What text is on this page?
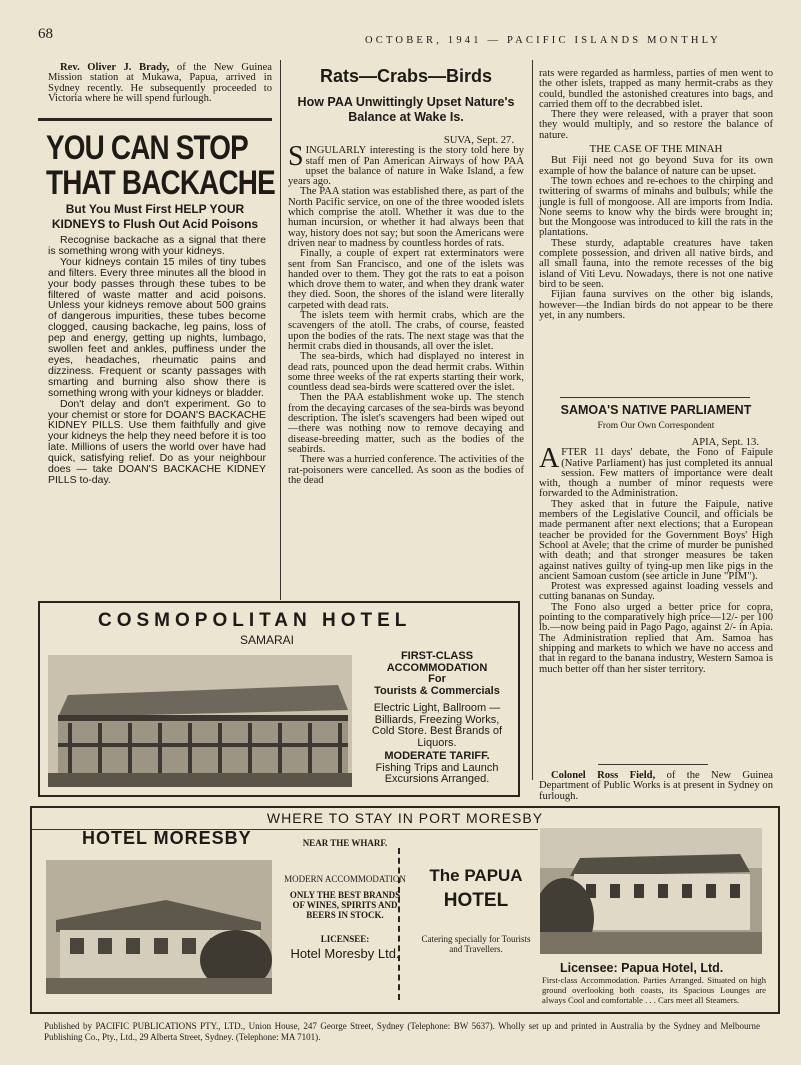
68	OCTOBER, 1941 — PACIFIC ISLANDS MONTHLY

Rev. Oliver J. Brady, of the New Guinea Mission station at Mukawa, Papua, arrived in Sydney recently. He subsequently proceeded to Victoria where he will spend furlough.

YOU CAN STOP
THAT BACKACHE
But You Must First HELP YOUR KIDNEYS to Flush Out Acid Poisons

Recognise backache as a signal that there is something wrong with your kidneys.

Your kidneys contain 15 miles of tiny tubes and filters. Every three minutes all the blood in your body passes through these tubes to be filtered of waste matter and acid poisons. Unless your kidneys remove about 500 grains of dangerous impurities, these tubes become clogged, causing backache, leg pains, loss of pep and energy, getting up nights, lumbago, swollen feet and ankles, puffiness under the eyes, headaches, rheumatic pains and dizziness. Frequent or scanty passages with smarting and burning also show there is something wrong with your kidneys or bladder.

Don't delay and don't experiment. Go to your chemist or store for DOAN'S BACKACHE KIDNEY PILLS. Use them faithfully and give your kidneys the help they need before it is too late. Millions of users the world over have had quick, satisfying relief. Do as your neighbour does — take DOAN'S BACKACHE KIDNEY PILLS to-day.

Rats—Crabs—Birds
How PAA Unwittingly Upset Nature's Balance at Wake Is.
SUVA, Sept. 27.

SINGULARLY interesting is the story told here by staff men of Pan American Airways of how PAA upset the balance of nature in Wake Island, a few years ago.

The PAA station was established there, as part of the North Pacific service, on one of the three wooded islets which comprise the atoll. Whether it was due to the human incursion, or whether it had always been that way, history does not say; but soon the Americans were driven near to madness by countless hordes of rats.

Finally, a couple of expert rat exterminators were sent from San Francisco, and one of the islets was handed over to them. They got the rats to eat a poison which drove them to water, and when they drank water they died. Soon, the shores of the island were literally carpeted with dead rats.

The islets teem with hermit crabs, which are the scavengers of the atoll. The crabs, of course, feasted upon the bodies of the rats. The next stage was that the hermit crabs died in thousands, all over the islet.

The sea-birds, which had displayed no interest in dead rats, pounced upon the dead hermit crabs. Within some three weeks of the rat experts starting their work, countless dead sea-birds were scattered over the islet.

Then the PAA establishment woke up. The stench from the decaying carcases of the sea-birds was beyond description. The islet's scavengers had been wiped out—there was nothing now to remove decaying and disease-breeding matter, such as the bodies of the seabirds.

There was a hurried conference. The activities of the rat-poisoners were cancelled. As soon as the bodies of the dead

rats were regarded as harmless, parties of men went to the other islets, trapped as many hermit-crabs as they could, bundled the astonished creatures into bags, and carried them off to the decrabbed islet.

There they were released, with a prayer that soon they would multiply, and so restore the balance of nature.

THE CASE OF THE MINAH

But Fiji need not go beyond Suva for its own example of how the balance of nature can be upset.

The town echoes and re-echoes to the chirping and twittering of swarms of minahs and bulbuls; while the jungle is full of mongoose. All are imports from India. None seems to know why the birds were brought in; but the Mongoose was introduced to kill the rats in the plantations.

These sturdy, adaptable creatures have taken complete possession, and driven all native birds, and all small fauna, into the remote recesses of the big island of Viti Levu. Nowadays, there is not one native bird to be seen.

Fijian fauna survives on the other big islands, however—the Indian birds do not appear to be there yet, in any numbers.

SAMOA'S NATIVE PARLIAMENT
From Our Own Correspondent
APIA, Sept. 13.

AFTER 11 days' debate, the Fono of Faipule (Native Parliament) has just completed its annual session. Few matters of importance were dealt with, though a number of minor requests were forwarded to the Administration.

They asked that in future the Faipule, native members of the Legislative Council, and officials be made permanent after next elections; that a European teacher be provided for the Government Boys' High School at Avele; that the crime of murder be punished with death; and that stronger measures be taken against natives guilty of tying-up men like pigs in the ancient Samoan custom (see article in June "PIM").

Protest was expressed against loading vessels and cutting bananas on Sunday.

The Fono also urged a better price for copra, pointing to the comparatively high price—12/- per 100 lb.—now being paid in Pago Pago, against 2/- in Apia. The Administration replied that Am. Samoa has shipping and markets to which we have no access and that in regard to the banana industry, Western Samoa is much better off than her sister territory.

Colonel Ross Field, of the New Guinea Department of Public Works is at present in Sydney on furlough.

COSMOPOLITAN HOTEL
SAMARAI
FIRST-CLASS ACCOMMODATION
For
Tourists & Commercials
Electric Light, Ballroom — Billiards, Freezing Works, Cold Store. Best Brands of Liquors.
MODERATE TARIFF.
Fishing Trips and Launch Excursions Arranged.
WHERE TO STAY IN PORT MORESBY
HOTEL MORESBY	NEAR THE WHARF.
MODERN ACCOMMODATION
ONLY THE BEST BRANDS OF WINES, SPIRITS AND BEERS IN STOCK.
LICENSEE:
Hotel Moresby Ltd.
The PAPUA
HOTEL
Catering specially for Tourists and Travellers.
Licensee: Papua Hotel, Ltd.
First-class Accommodation. Parties Arranged. Situated on high ground overlooking both coasts, its Spacious Lounges are always Cool and comfortable . . . Cars meet all Steamers.
Published by PACIFIC PUBLICATIONS PTY., LTD., Union House, 247 George Street, Sydney (Telephone: BW 5637). Wholly set up and printed in Australia by the Sydney and Melbourne Publishing Co., Pty., Ltd., 29 Alberta Street, Sydney. (Telephone: MA 7101).
